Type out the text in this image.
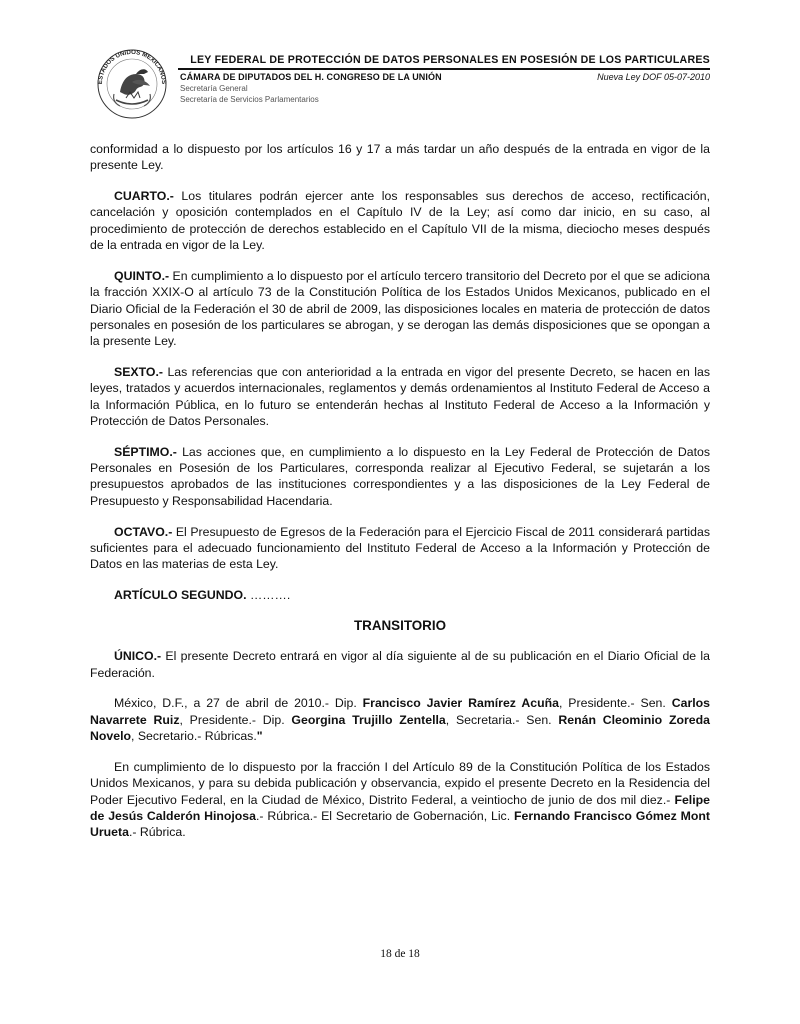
ESTADOS UNIDOS MEXICANOS
LEY FEDERAL DE PROTECCIÓN DE DATOS PERSONALES EN POSESIÓN DE LOS PARTICULARES
CÁMARA DE DIPUTADOS DEL H. CONGRESO DE LA UNIÓN	Nueva Ley DOF 05-07-2010
Secretaría General
Secretaría de Servicios Parlamentarios

conformidad a lo dispuesto por los artículos 16 y 17 a más tardar un año después de la entrada en vigor de la presente Ley.

CUARTO.- Los titulares podrán ejercer ante los responsables sus derechos de acceso, rectificación, cancelación y oposición contemplados en el Capítulo IV de la Ley; así como dar inicio, en su caso, al procedimiento de protección de derechos establecido en el Capítulo VII de la misma, dieciocho meses después de la entrada en vigor de la Ley.

QUINTO.- En cumplimiento a lo dispuesto por el artículo tercero transitorio del Decreto por el que se adiciona la fracción XXIX-O al artículo 73 de la Constitución Política de los Estados Unidos Mexicanos, publicado en el Diario Oficial de la Federación el 30 de abril de 2009, las disposiciones locales en materia de protección de datos personales en posesión de los particulares se abrogan, y se derogan las demás disposiciones que se opongan a la presente Ley.

SEXTO.- Las referencias que con anterioridad a la entrada en vigor del presente Decreto, se hacen en las leyes, tratados y acuerdos internacionales, reglamentos y demás ordenamientos al Instituto Federal de Acceso a la Información Pública, en lo futuro se entenderán hechas al Instituto Federal de Acceso a la Información y Protección de Datos Personales.

SÉPTIMO.- Las acciones que, en cumplimiento a lo dispuesto en la Ley Federal de Protección de Datos Personales en Posesión de los Particulares, corresponda realizar al Ejecutivo Federal, se sujetarán a los presupuestos aprobados de las instituciones correspondientes y a las disposiciones de la Ley Federal de Presupuesto y Responsabilidad Hacendaria.

OCTAVO.- El Presupuesto de Egresos de la Federación para el Ejercicio Fiscal de 2011 considerará partidas suficientes para el adecuado funcionamiento del Instituto Federal de Acceso a la Información y Protección de Datos en las materias de esta Ley.

ARTÍCULO SEGUNDO. ……….

TRANSITORIO

ÚNICO.- El presente Decreto entrará en vigor al día siguiente al de su publicación en el Diario Oficial de la Federación.

México, D.F., a 27 de abril de 2010.- Dip. Francisco Javier Ramírez Acuña, Presidente.- Sen. Carlos Navarrete Ruiz, Presidente.- Dip. Georgina Trujillo Zentella, Secretaria.- Sen. Renán Cleominio Zoreda Novelo, Secretario.- Rúbricas."

En cumplimiento de lo dispuesto por la fracción I del Artículo 89 de la Constitución Política de los Estados Unidos Mexicanos, y para su debida publicación y observancia, expido el presente Decreto en la Residencia del Poder Ejecutivo Federal, en la Ciudad de México, Distrito Federal, a veintiocho de junio de dos mil diez.- Felipe de Jesús Calderón Hinojosa.- Rúbrica.- El Secretario de Gobernación, Lic. Fernando Francisco Gómez Mont Urueta.- Rúbrica.

18 de 18
